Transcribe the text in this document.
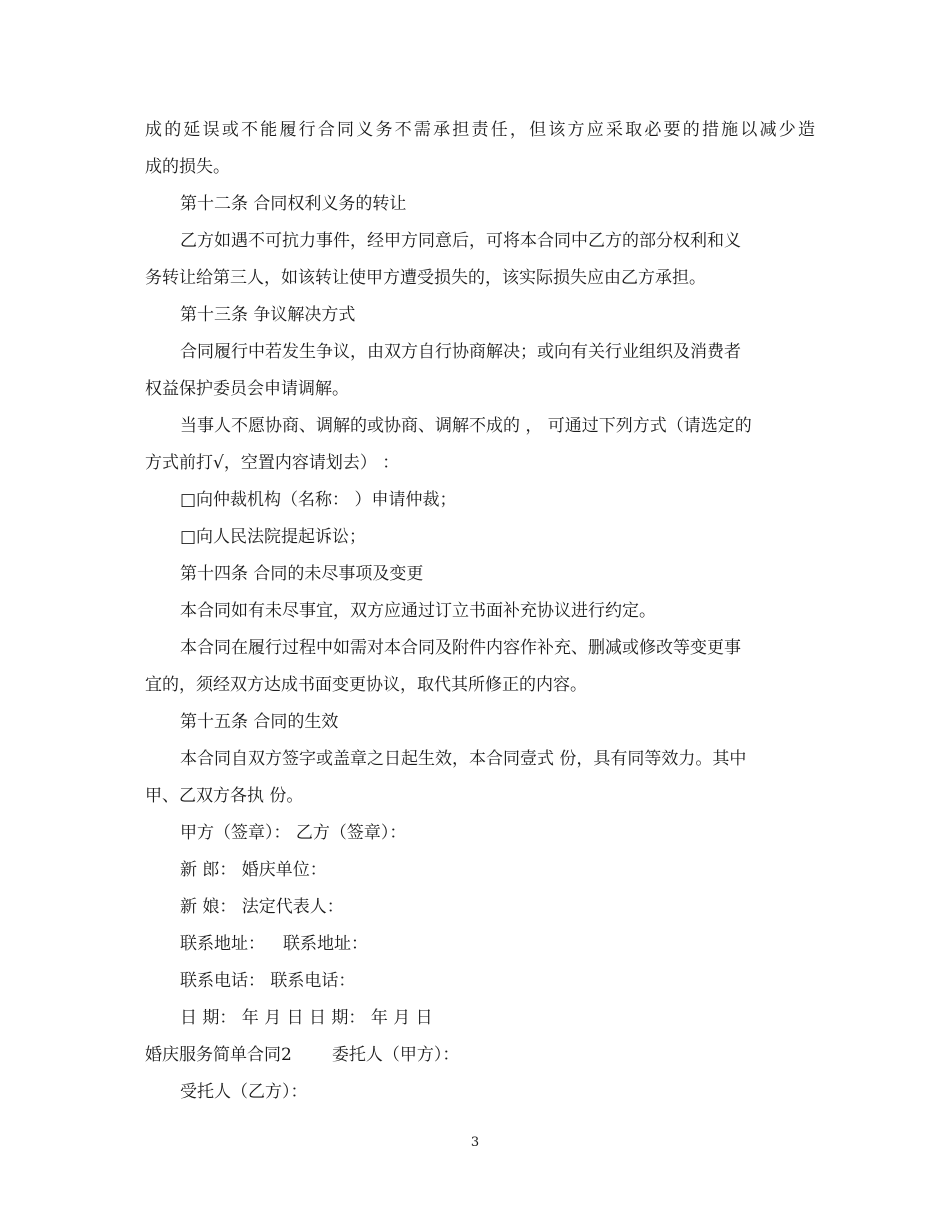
成的延误或不能履行合同义务不需承担责任，但该方应采取必要的措施以减少造
成的损失。
第十二条 合同权利义务的转让
乙方如遇不可抗力事件，经甲方同意后，可将本合同中乙方的部分权利和义
务转让给第三人，如该转让使甲方遭受损失的，该实际损失应由乙方承担。
第十三条 争议解决方式
合同履行中若发生争议，由双方自行协商解决；或向有关行业组织及消费者
权益保护委员会申请调解。
当事人不愿协商、调解的或协商、调解不成的 ， 可通过下列方式（请选定的
方式前打√，空置内容请划去） ：
□向仲裁机构（名称： ）申请仲裁；
□向人民法院提起诉讼；
第十四条 合同的未尽事项及变更
本合同如有未尽事宜，双方应通过订立书面补充协议进行约定。
本合同在履行过程中如需对本合同及附件内容作补充、删减或修改等变更事
宜的，须经双方达成书面变更协议，取代其所修正的内容。
第十五条 合同的生效
本合同自双方签字或盖章之日起生效，本合同壹式 份，具有同等效力。其中
甲、乙双方各执 份。
甲方（签章）： 乙方（签章）：
新 郎： 婚庆单位：
新 娘： 法定代表人：
联系地址： 联系地址：
联系电话： 联系电话：
日 期： 年 月 日 日 期： 年 月 日
婚庆服务简单合同2 委托人（甲方）：
受托人（乙方）：
3
